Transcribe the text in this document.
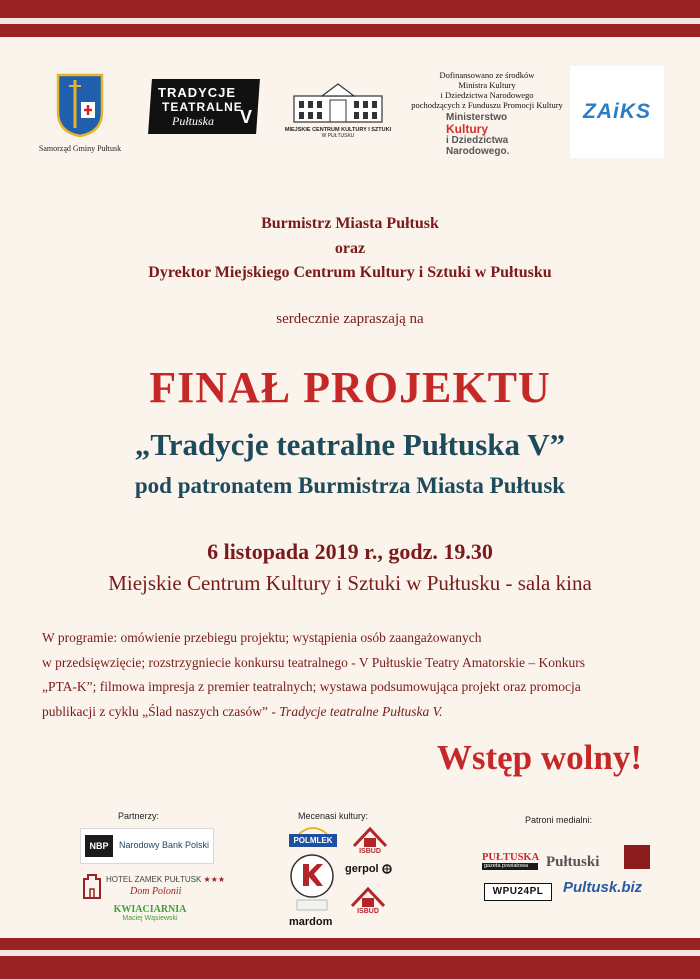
Samorząd Gminy Pułtusk
TRADYCJE
TEATRALNE
Pułtuska V
MIEJSKIE CENTRUM KULTURY I SZTUKI
W PUŁTUSKU
Dofinansowano ze środków
Ministra Kultury
i Dziedzictwa Narodowego
pochodzących z Funduszu Promocji Kultury
Ministerstwo
Kultury
i Dziedzictwa
Narodowego.
ZAiKS
Burmistrz Miasta Pułtusk
oraz
Dyrektor Miejskiego Centrum Kultury i Sztuki w Pułtusku
serdecznie zapraszają na
FINAŁ PROJEKTU
„Tradycje teatralne Pułtuska V”
pod patronatem Burmistrza Miasta Pułtusk
6 listopada 2019 r., godz. 19.30
Miejskie Centrum Kultury i Sztuki w Pułtusku - sala kina
W programie: omówienie przebiegu projektu; wystąpienia osób zaangażowanych
w przedsięwzięcie; rozstrzygniecie konkursu teatralnego - V Pułtuskie Teatry Amatorskie – Konkurs
„PTA-K”; filmowa impresja z premier teatralnych; wystawa podsumowująca projekt oraz promocja
publikacji z cyklu „Ślad naszych czasów” - Tradycje teatralne Pułtuska V.
Wstęp wolny!
Partnerzy:	Mecenasi kultury:	Patroni medialni:
NBP	Narodowy Bank Polski
HOTEL ZAMEK PUŁTUSK ★★★
Dom Polonii
KWIACIARNIA
Maciej Wąsiewski
POLMLEK
ISBUD
gerpol
ISBUD
mardom
PUŁTUSKA
gazeta powiatowa	Pułtuski
WPU24PL	Pultusk.biz
